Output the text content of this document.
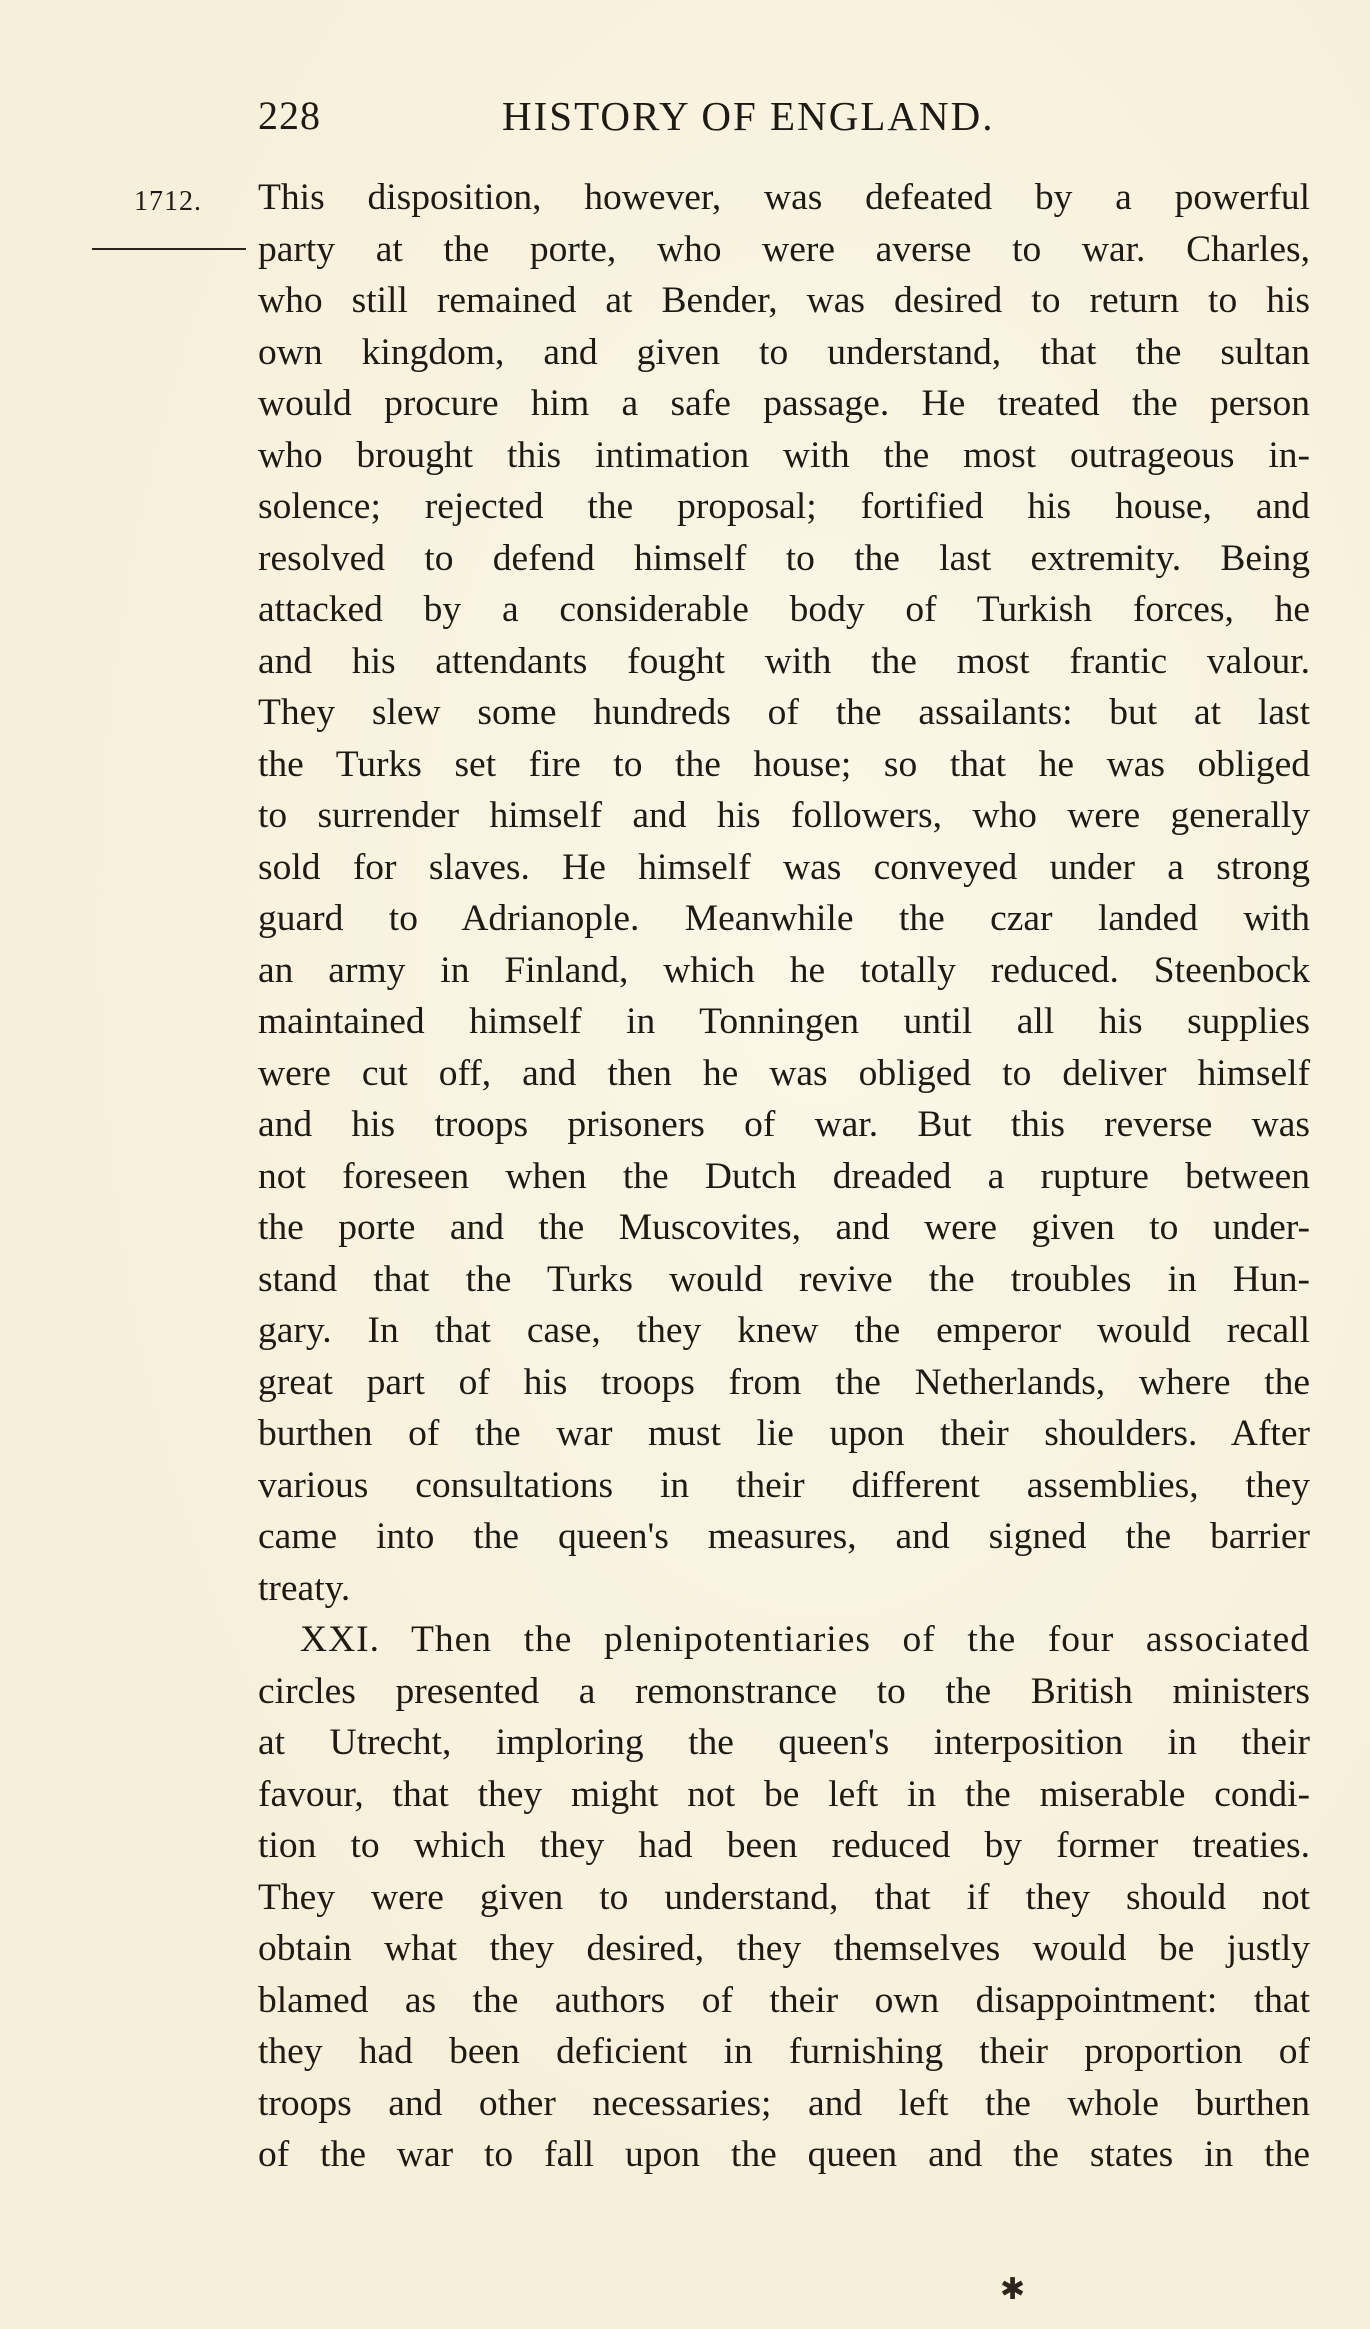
228	HISTORY OF ENGLAND.
1712. This disposition, however, was defeated by a powerful
party at the porte, who were averse to war. Charles,
who still remained at Bender, was desired to return to his
own kingdom, and given to understand, that the sultan
would procure him a safe passage. He treated the person
who brought this intimation with the most outrageous in-
solence; rejected the proposal; fortified his house, and
resolved to defend himself to the last extremity. Being
attacked by a considerable body of Turkish forces, he
and his attendants fought with the most frantic valour.
They slew some hundreds of the assailants: but at last
the Turks set fire to the house; so that he was obliged
to surrender himself and his followers, who were generally
sold for slaves. He himself was conveyed under a strong
guard to Adrianople. Meanwhile the czar landed with
an army in Finland, which he totally reduced. Steenbock
maintained himself in Tonningen until all his supplies
were cut off, and then he was obliged to deliver himself
and his troops prisoners of war. But this reverse was
not foreseen when the Dutch dreaded a rupture between
the porte and the Muscovites, and were given to under-
stand that the Turks would revive the troubles in Hun-
gary. In that case, they knew the emperor would recall
great part of his troops from the Netherlands, where the
burthen of the war must lie upon their shoulders. After
various consultations in their different assemblies, they
came into the queen's measures, and signed the barrier
treaty.
XXI. Then the plenipotentiaries of the four associated
circles presented a remonstrance to the British ministers
at Utrecht, imploring the queen's interposition in their
favour, that they might not be left in the miserable condi-
tion to which they had been reduced by former treaties.
They were given to understand, that if they should not
obtain what they desired, they themselves would be justly
blamed as the authors of their own disappointment: that
they had been deficient in furnishing their proportion of
troops and other necessaries; and left the whole burthen
of the war to fall upon the queen and the states in the
✱
